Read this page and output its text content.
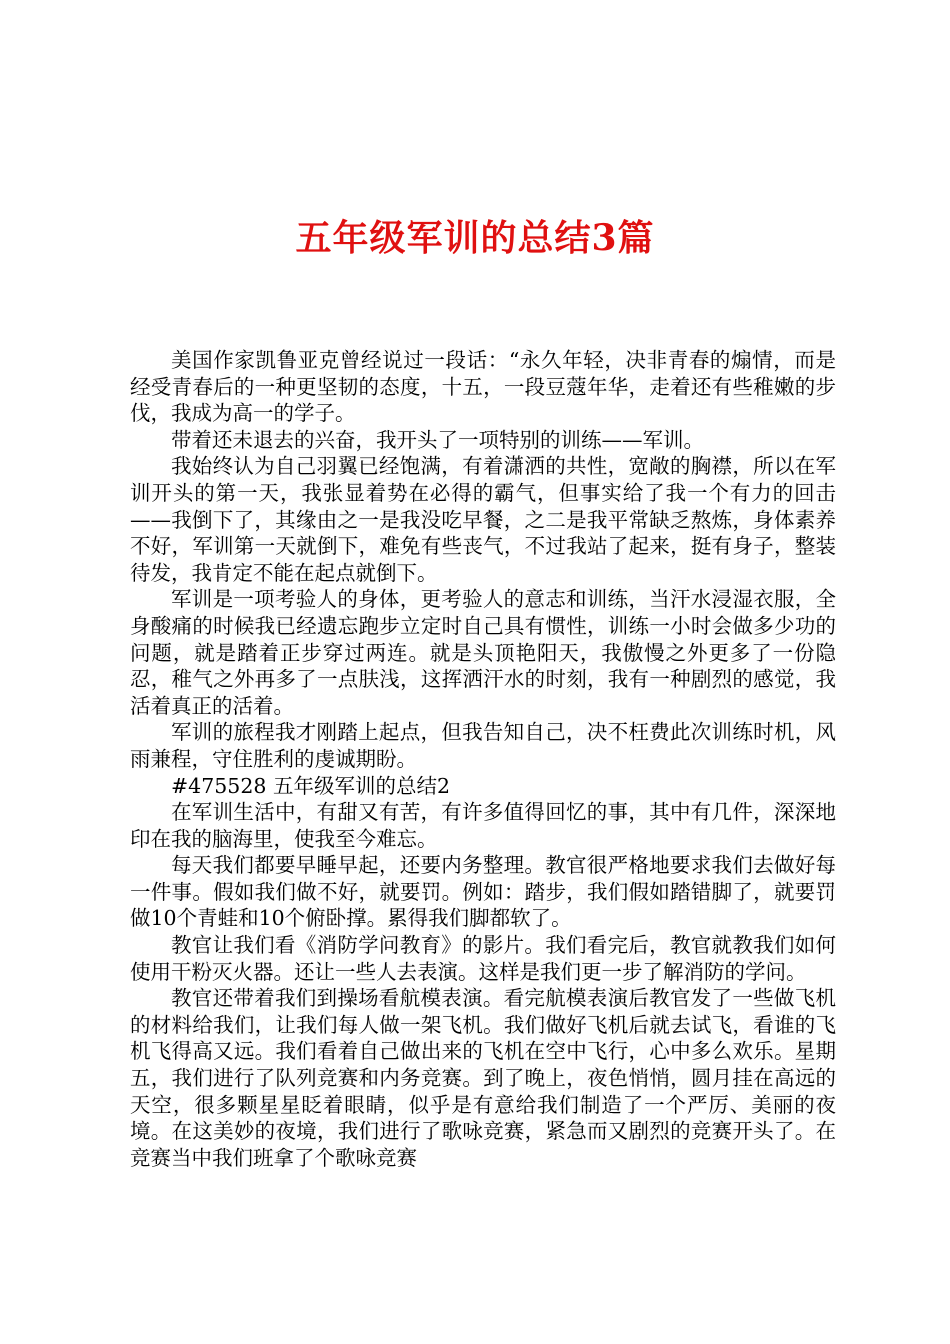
五年级军训的总结3篇

美国作家凯鲁亚克曾经说过一段话：“永久年轻，决非青春的煽情，而是经受青春后的一种更坚韧的态度，十五，一段豆蔻年华，走着还有些稚嫩的步伐，我成为高一的学子。

带着还未退去的兴奋，我开头了一项特别的训练——军训。

我始终认为自己羽翼已经饱满，有着潇洒的共性，宽敞的胸襟，所以在军训开头的第一天，我张显着势在必得的霸气，但事实给了我一个有力的回击——我倒下了，其缘由之一是我没吃早餐，之二是我平常缺乏熬炼，身体素养不好，军训第一天就倒下，难免有些丧气，不过我站了起来，挺有身子，整装待发，我肯定不能在起点就倒下。

军训是一项考验人的身体，更考验人的意志和训练，当汗水浸湿衣服，全身酸痛的时候我已经遗忘跑步立定时自己具有惯性，训练一小时会做多少功的问题，就是踏着正步穿过两连。就是头顶艳阳天，我傲慢之外更多了一份隐忍，稚气之外再多了一点肤浅，这挥洒汗水的时刻，我有一种剧烈的感觉，我活着真正的活着。

军训的旅程我才刚踏上起点，但我告知自己，决不枉费此次训练时机，风雨兼程，守住胜利的虔诚期盼。

#475528 五年级军训的总结2

在军训生活中，有甜又有苦，有许多值得回忆的事，其中有几件，深深地印在我的脑海里，使我至今难忘。

每天我们都要早睡早起，还要内务整理。教官很严格地要求我们去做好每一件事。假如我们做不好，就要罚。例如：踏步，我们假如踏错脚了，就要罚做10个青蛙和10个俯卧撑。累得我们脚都软了。

教官让我们看《消防学问教育》的影片。我们看完后，教官就教我们如何使用干粉灭火器。还让一些人去表演。这样是我们更一步了解消防的学问。

教官还带着我们到操场看航模表演。看完航模表演后教官发了一些做飞机的材料给我们，让我们每人做一架飞机。我们做好飞机后就去试飞，看谁的飞机飞得高又远。我们看着自己做出来的飞机在空中飞行，心中多么欢乐。星期五，我们进行了队列竞赛和内务竞赛。到了晚上，夜色悄悄，圆月挂在高远的天空，很多颗星星眨着眼睛，似乎是有意给我们制造了一个严厉、美丽的夜境。在这美妙的夜境，我们进行了歌咏竞赛，紧急而又剧烈的竞赛开头了。在竞赛当中我们班拿了个歌咏竞赛
